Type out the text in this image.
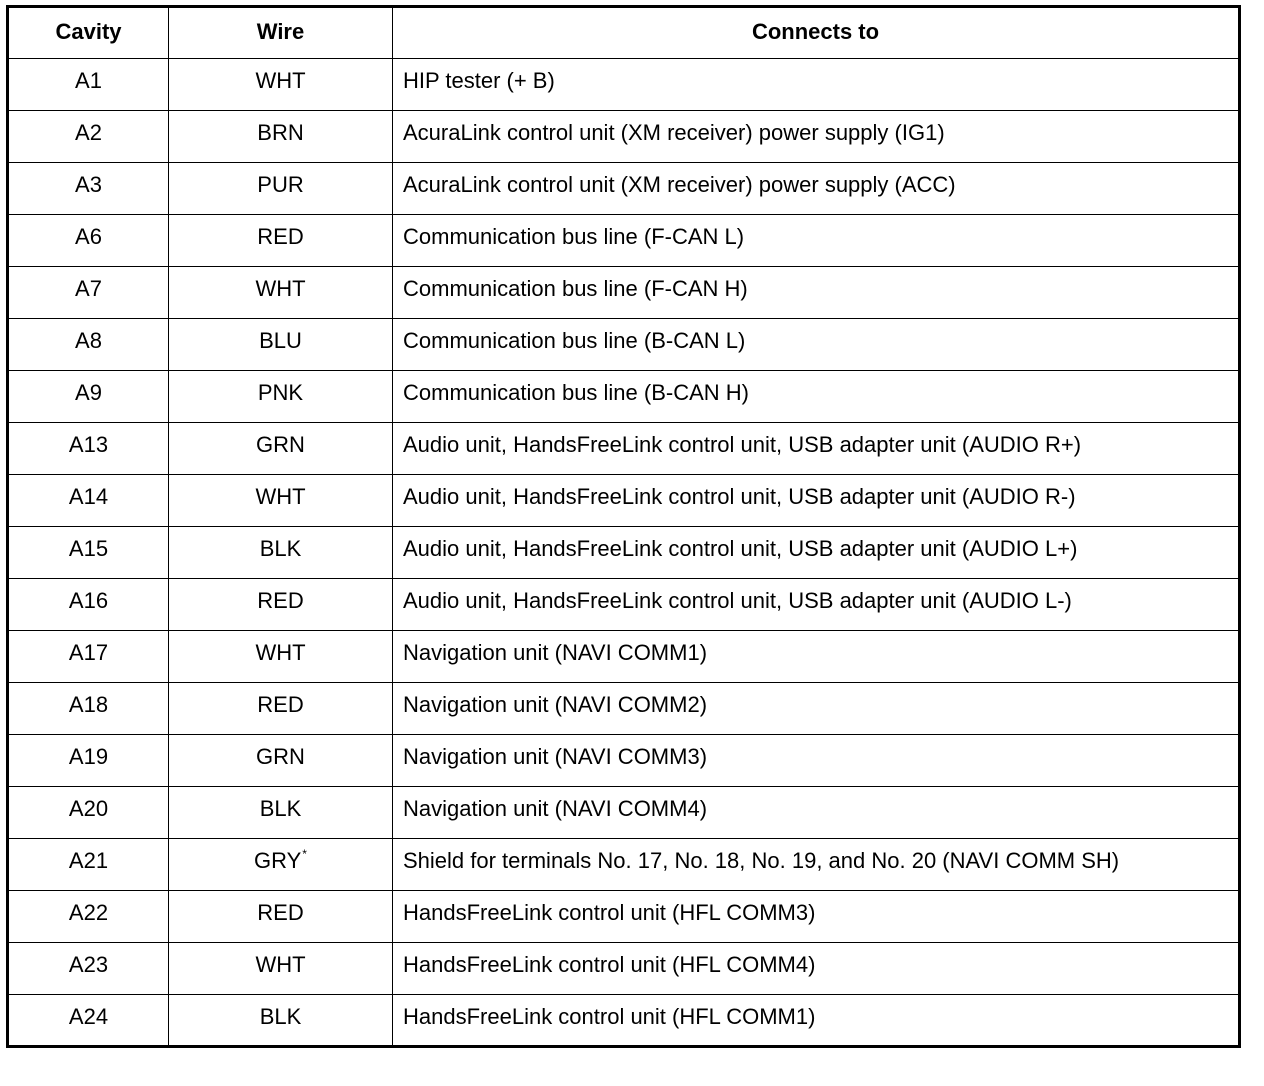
Cavity	Wire	Connects to
A1	WHT	HIP tester (+ B)
A2	BRN	AcuraLink control unit (XM receiver) power supply (IG1)
A3	PUR	AcuraLink control unit (XM receiver) power supply (ACC)
A6	RED	Communication bus line (F-CAN L)
A7	WHT	Communication bus line (F-CAN H)
A8	BLU	Communication bus line (B-CAN L)
A9	PNK	Communication bus line (B-CAN H)
A13	GRN	Audio unit, HandsFreeLink control unit, USB adapter unit (AUDIO R+)
A14	WHT	Audio unit, HandsFreeLink control unit, USB adapter unit (AUDIO R-)
A15	BLK	Audio unit, HandsFreeLink control unit, USB adapter unit (AUDIO L+)
A16	RED	Audio unit, HandsFreeLink control unit, USB adapter unit (AUDIO L-)
A17	WHT	Navigation unit (NAVI COMM1)
A18	RED	Navigation unit (NAVI COMM2)
A19	GRN	Navigation unit (NAVI COMM3)
A20	BLK	Navigation unit (NAVI COMM4)
A21	GRY*	Shield for terminals No. 17, No. 18, No. 19, and No. 20 (NAVI COMM SH)
A22	RED	HandsFreeLink control unit (HFL COMM3)
A23	WHT	HandsFreeLink control unit (HFL COMM4)
A24	BLK	HandsFreeLink control unit (HFL COMM1)
